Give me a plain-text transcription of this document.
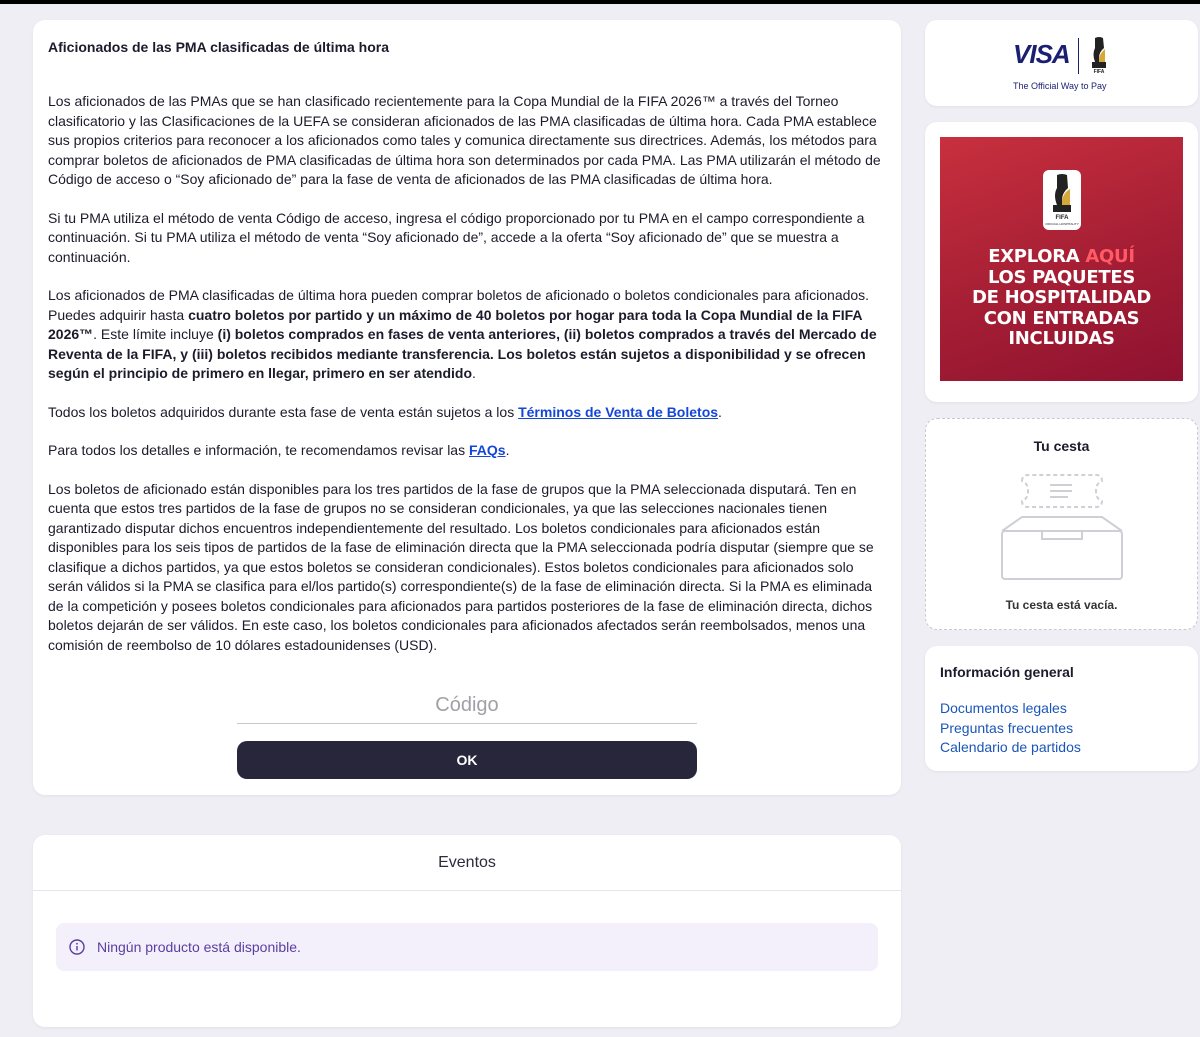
Aficionados de las PMA clasificadas de última hora

Los aficionados de las PMAs que se han clasificado recientemente para la Copa Mundial de la FIFA 2026™ a través del Torneo clasificatorio y las Clasificaciones de la UEFA se consideran aficionados de las PMA clasificadas de última hora. Cada PMA establece sus propios criterios para reconocer a los aficionados como tales y comunica directamente sus directrices. Además, los métodos para comprar boletos de aficionados de PMA clasificadas de última hora son determinados por cada PMA. Las PMA utilizarán el método de Código de acceso o “Soy aficionado de” para la fase de venta de aficionados de las PMA clasificadas de última hora.

Si tu PMA utiliza el método de venta Código de acceso, ingresa el código proporcionado por tu PMA en el campo correspondiente a continuación. Si tu PMA utiliza el método de venta “Soy aficionado de”, accede a la oferta “Soy aficionado de” que se muestra a continuación.

Los aficionados de PMA clasificadas de última hora pueden comprar boletos de aficionado o boletos condicionales para aficionados. Puedes adquirir hasta cuatro boletos por partido y un máximo de 40 boletos por hogar para toda la Copa Mundial de la FIFA 2026™. Este límite incluye (i) boletos comprados en fases de venta anteriores, (ii) boletos comprados a través del Mercado de Reventa de la FIFA, y (iii) boletos recibidos mediante transferencia. Los boletos están sujetos a disponibilidad y se ofrecen según el principio de primero en llegar, primero en ser atendido.

Todos los boletos adquiridos durante esta fase de venta están sujetos a los Términos de Venta de Boletos.

Para todos los detalles e información, te recomendamos revisar las FAQs.

Los boletos de aficionado están disponibles para los tres partidos de la fase de grupos que la PMA seleccionada disputará. Ten en cuenta que estos tres partidos de la fase de grupos no se consideran condicionales, ya que las selecciones nacionales tienen garantizado disputar dichos encuentros independientemente del resultado. Los boletos condicionales para aficionados están disponibles para los seis tipos de partidos de la fase de eliminación directa que la PMA seleccionada podría disputar (siempre que se clasifique a dichos partidos, ya que estos boletos se consideran condicionales). Estos boletos condicionales para aficionados solo serán válidos si la PMA se clasifica para el/los partido(s) correspondiente(s) de la fase de eliminación directa. Si la PMA es eliminada de la competición y posees boletos condicionales para aficionados para partidos posteriores de la fase de eliminación directa, dichos boletos dejarán de ser válidos. En este caso, los boletos condicionales para aficionados afectados serán reembolsados, menos una comisión de reembolso de 10 dólares estadounidenses (USD).

Código
OK
Eventos
Ningún producto está disponible.
VISA
FIFA
The Official Way to Pay
FIFA
OFFICIAL HOSPITALITY
EXPLORA AQUÍ
LOS PAQUETES
DE HOSPITALIDAD
CON ENTRADAS
INCLUIDAS
Tu cesta
Tu cesta está vacía.
Información general
Documentos legales
Preguntas frecuentes
Calendario de partidos
